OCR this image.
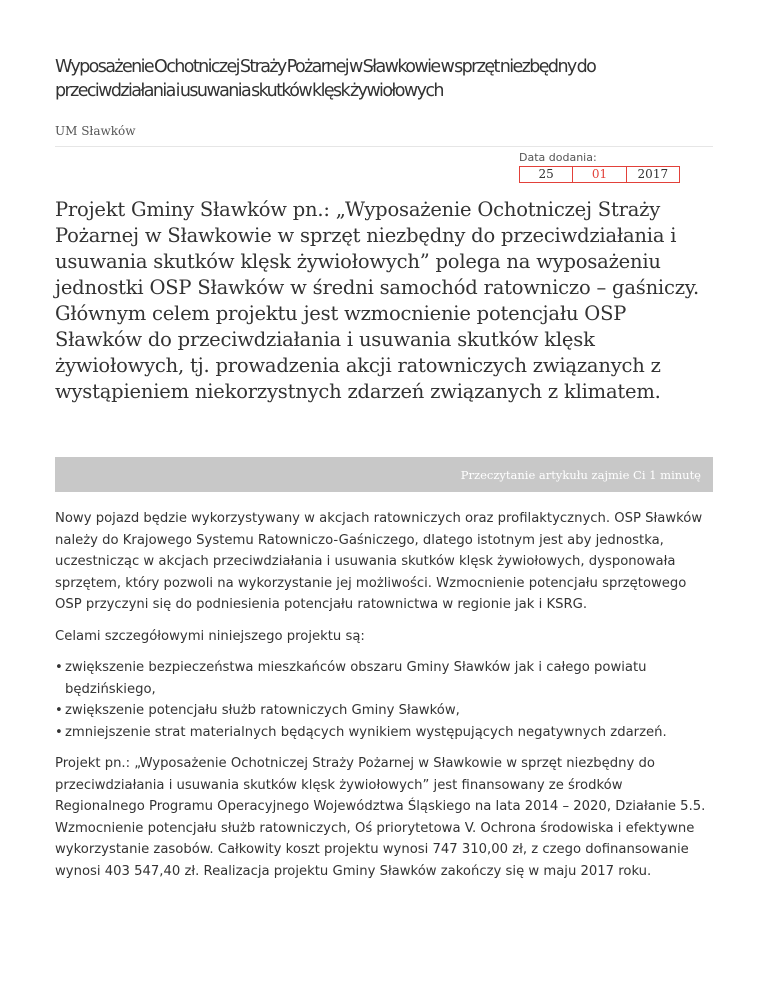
Wyposażenie Ochotniczej Straży Pożarnej w Sławkowie w sprzęt niezbędny do przeciwdziałania i usuwania skutków klęsk żywiołowych
UM Sławków
Data dodania:
25	01	2017

Projekt Gminy Sławków pn.: „Wyposażenie Ochotniczej Straży Pożarnej w Sławkowie w sprzęt niezbędny do przeciwdziałania i usuwania skutków klęsk żywiołowych” polega na wyposażeniu jednostki OSP Sławków w średni samochód ratowniczo – gaśniczy. Głównym celem projektu jest wzmocnienie potencjału OSP Sławków do przeciwdziałania i usuwania skutków klęsk żywiołowych, tj. prowadzenia akcji ratowniczych związanych z wystąpieniem niekorzystnych zdarzeń związanych z klimatem.

Przeczytanie artykułu zajmie Ci 1 minutę

Nowy pojazd będzie wykorzystywany w akcjach ratowniczych oraz profilaktycznych. OSP Sławków należy do Krajowego Systemu Ratowniczo-Gaśniczego, dlatego istotnym jest aby jednostka, uczestnicząc w akcjach przeciwdziałania i usuwania skutków klęsk żywiołowych, dysponowała sprzętem, który pozwoli na wykorzystanie jej możliwości. Wzmocnienie potencjału sprzętowego OSP przyczyni się do podniesienia potencjału ratownictwa w regionie jak i KSRG.

Celami szczegółowymi niniejszego projektu są:

• zwiększenie bezpieczeństwa mieszkańców obszaru Gminy Sławków jak i całego powiatu będzińskiego,
• zwiększenie potencjału służb ratowniczych Gminy Sławków,
• zmniejszenie strat materialnych będących wynikiem występujących negatywnych zdarzeń.

Projekt pn.: „Wyposażenie Ochotniczej Straży Pożarnej w Sławkowie w sprzęt niezbędny do przeciwdziałania i usuwania skutków klęsk żywiołowych” jest finansowany ze środków Regionalnego Programu Operacyjnego Województwa Śląskiego na lata 2014 – 2020, Działanie 5.5. Wzmocnienie potencjału służb ratowniczych, Oś priorytetowa V. Ochrona środowiska i efektywne wykorzystanie zasobów. Całkowity koszt projektu wynosi 747 310,00 zł, z czego dofinansowanie wynosi 403 547,40 zł. Realizacja projektu Gminy Sławków zakończy się w maju 2017 roku.
